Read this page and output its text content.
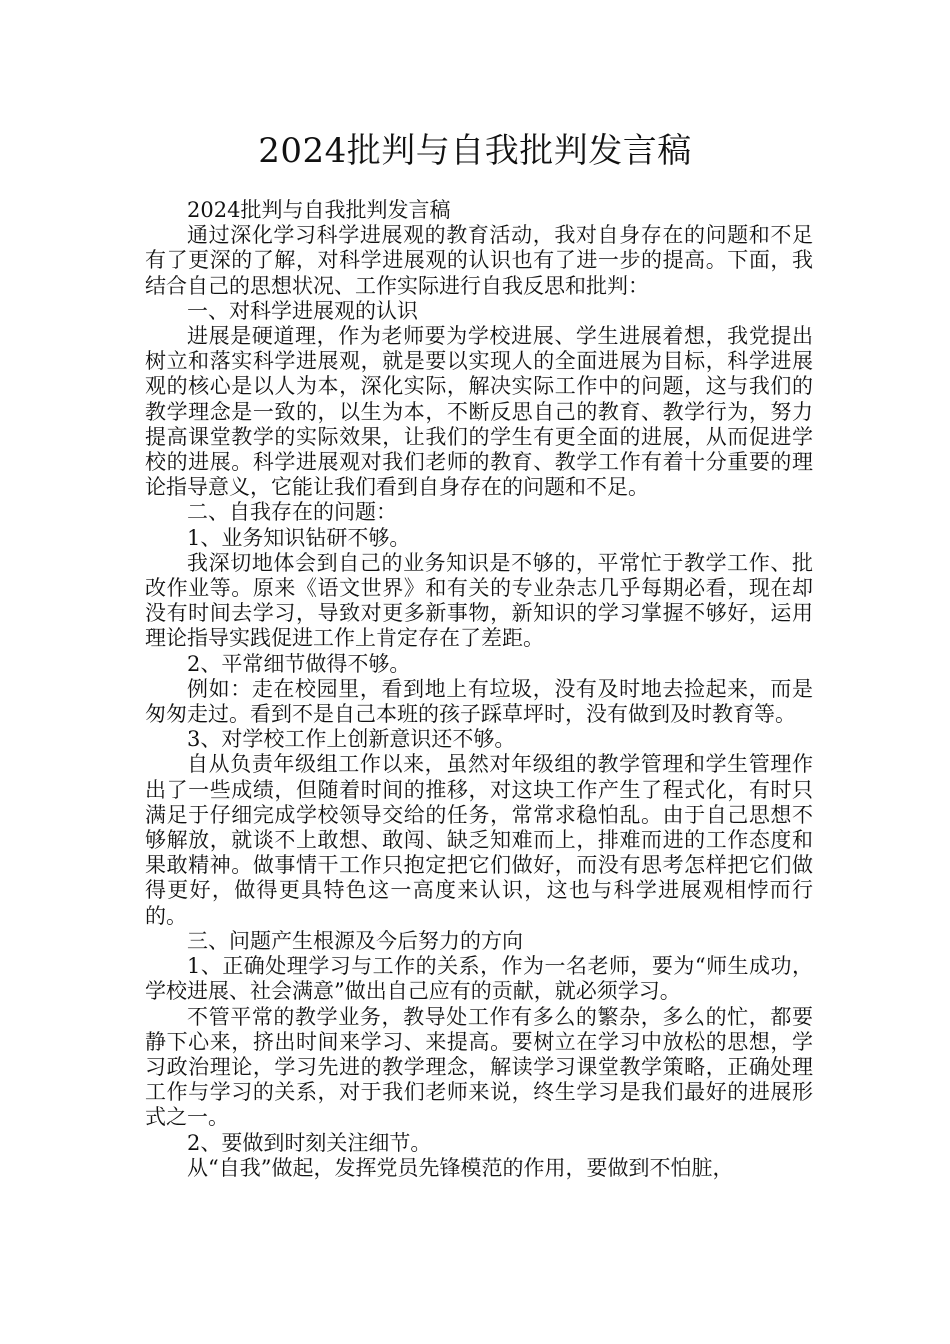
2024批判与自我批判发言稿

2024批判与自我批判发言稿

通过深化学习科学进展观的教育活动，我对自身存在的问题和不足有了更深的了解，对科学进展观的认识也有了进一步的提高。下面，我结合自己的思想状况、工作实际进行自我反思和批判：

一、对科学进展观的认识

进展是硬道理，作为老师要为学校进展、学生进展着想，我党提出树立和落实科学进展观，就是要以实现人的全面进展为目标，科学进展观的核心是以人为本，深化实际，解决实际工作中的问题，这与我们的教学理念是一致的，以生为本，不断反思自己的教育、教学行为，努力提高课堂教学的实际效果，让我们的学生有更全面的进展，从而促进学校的进展。科学进展观对我们老师的教育、教学工作有着十分重要的理论指导意义，它能让我们看到自身存在的问题和不足。

二、自我存在的问题：

1、业务知识钻研不够。

我深切地体会到自己的业务知识是不够的，平常忙于教学工作、批改作业等。原来《语文世界》和有关的专业杂志几乎每期必看，现在却没有时间去学习，导致对更多新事物，新知识的学习掌握不够好，运用理论指导实践促进工作上肯定存在了差距。

2、平常细节做得不够。

例如：走在校园里，看到地上有垃圾，没有及时地去捡起来，而是匆匆走过。看到不是自己本班的孩子踩草坪时，没有做到及时教育等。

3、对学校工作上创新意识还不够。

自从负责年级组工作以来，虽然对年级组的教学管理和学生管理作出了一些成绩，但随着时间的推移，对这块工作产生了程式化，有时只满足于仔细完成学校领导交给的任务，常常求稳怕乱。由于自己思想不够解放，就谈不上敢想、敢闯、缺乏知难而上，排难而进的工作态度和果敢精神。做事情干工作只抱定把它们做好，而没有思考怎样把它们做得更好，做得更具特色这一高度来认识，这也与科学进展观相悖而行的。

三、问题产生根源及今后努力的方向

1、正确处理学习与工作的关系，作为一名老师，要为“师生成功，学校进展、社会满意”做出自己应有的贡献，就必须学习。

不管平常的教学业务，教导处工作有多么的繁杂，多么的忙，都要静下心来，挤出时间来学习、来提高。要树立在学习中放松的思想，学习政治理论，学习先进的教学理念，解读学习课堂教学策略，正确处理工作与学习的关系，对于我们老师来说，终生学习是我们最好的进展形式之一。

2、要做到时刻关注细节。

从“自我”做起，发挥党员先锋模范的作用，要做到不怕脏，
